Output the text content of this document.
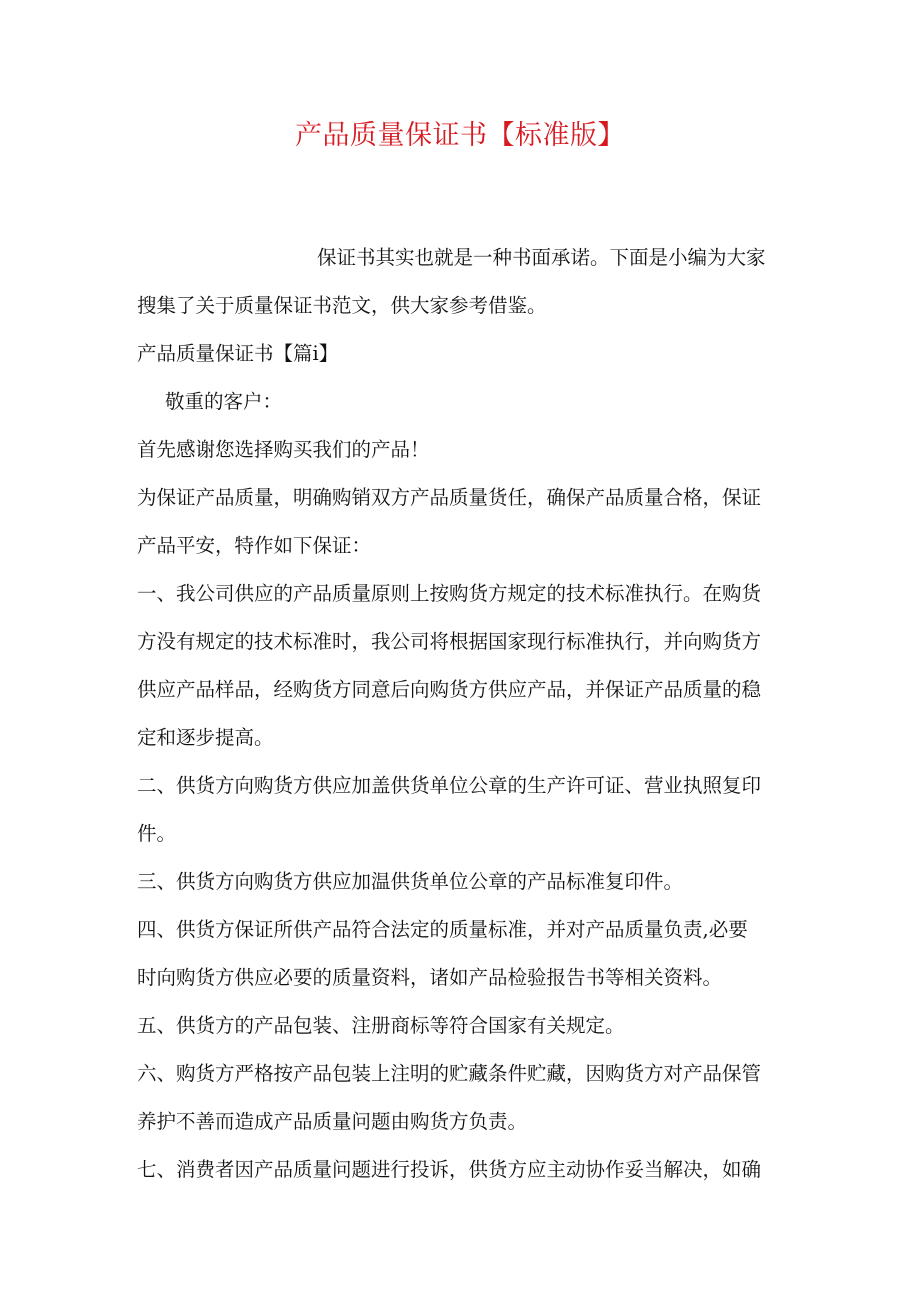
产品质量保证书【标准版】

保证书其实也就是一种书面承诺。下面是小编为大家

搜集了关于质量保证书范文，供大家参考借鉴。

产品质量保证书【篇i】

敬重的客户：

首先感谢您选择购买我们的产品！

为保证产品质量，明确购销双方产品质量货任，确保产品质量合格，保证

产品平安，特作如下保证：

一、我公司供应的产品质量原则上按购货方规定的技术标准执行。在购货

方没有规定的技术标准时，我公司将根据国家现行标准执行，并向购货方

供应产品样品，经购货方同意后向购货方供应产品，并保证产品质量的稳

定和逐步提高。

二、供货方向购货方供应加盖供货单位公章的生产许可证、营业执照复印

件。

三、供货方向购货方供应加温供货单位公章的产品标准复印件。

四、供货方保证所供产品符合法定的质量标准，并对产品质量负责,必要

时向购货方供应必要的质量资料，诸如产品检验报告书等相关资料。

五、供货方的产品包装、注册商标等符合国家有关规定。

六、购货方严格按产品包装上注明的贮藏条件贮藏，因购货方对产品保管

养护不善而造成产品质量问题由购货方负责。

七、消费者因产品质量问题进行投诉，供货方应主动协作妥当解决，如确
